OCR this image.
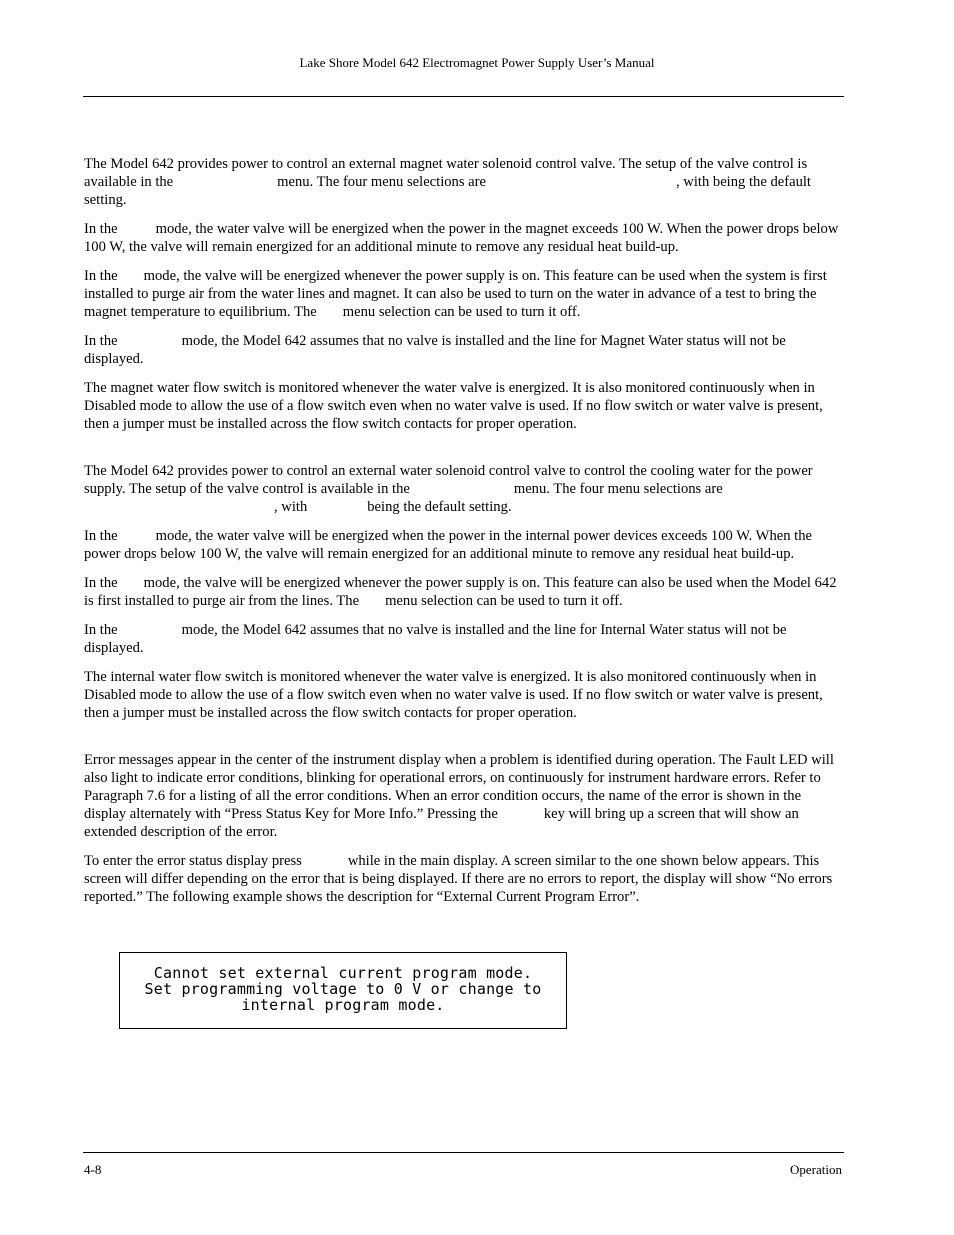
Lake Shore Model 642 Electromagnet Power Supply User’s Manual

The Model 642 provides power to control an external magnet water solenoid control valve. The setup of the valve control is available in the	menu. The four menu selections are	, with being the default setting.

In the	mode, the water valve will be energized when the power in the magnet exceeds 100 W. When the power drops below 100 W, the valve will remain energized for an additional minute to remove any residual heat build-up.

In the mode, the valve will be energized whenever the power supply is on. This feature can be used when the system is first installed to purge air from the water lines and magnet. It can also be used to turn on the water in advance of a test to bring the magnet temperature to equilibrium. The menu selection can be used to turn it off.

In the	mode, the Model 642 assumes that no valve is installed and the line for Magnet Water status will not be displayed.

The magnet water flow switch is monitored whenever the water valve is energized. It is also monitored continuously when in Disabled mode to allow the use of a flow switch even when no water valve is used. If no flow switch or water valve is present, then a jumper must be installed across the flow switch contacts for proper operation.

The Model 642 provides power to control an external water solenoid control valve to control the cooling water for the power supply. The setup of the valve control is available in the	menu. The four menu selections are , with	being the default setting.

In the	mode, the water valve will be energized when the power in the internal power devices exceeds 100 W. When the power drops below 100 W, the valve will remain energized for an additional minute to remove any residual heat build-up.

In the mode, the valve will be energized whenever the power supply is on. This feature can also be used when the Model 642 is first installed to purge air from the lines. The menu selection can be used to turn it off.

In the	mode, the Model 642 assumes that no valve is installed and the line for Internal Water status will not be displayed.

The internal water flow switch is monitored whenever the water valve is energized. It is also monitored continuously when in Disabled mode to allow the use of a flow switch even when no water valve is used. If no flow switch or water valve is present, then a jumper must be installed across the flow switch contacts for proper operation.

Error messages appear in the center of the instrument display when a problem is identified during operation. The Fault LED will also light to indicate error conditions, blinking for operational errors, on continuously for instrument hardware errors. Refer to Paragraph 7.6 for a listing of all the error conditions. When an error condition occurs, the name of the error is shown in the display alternately with “Press Status Key for More Info.” Pressing the	key will bring up a screen that will show an extended description of the error.

To enter the error status display press	while in the main display. A screen similar to the one shown below appears. This screen will differ depending on the error that is being displayed. If there are no errors to report, the display will show “No errors reported.” The following example shows the description for “External Current Program Error”.

Cannot set external current program mode.
Set programming voltage to 0 V or change to
internal program mode.
4-8	Operation
